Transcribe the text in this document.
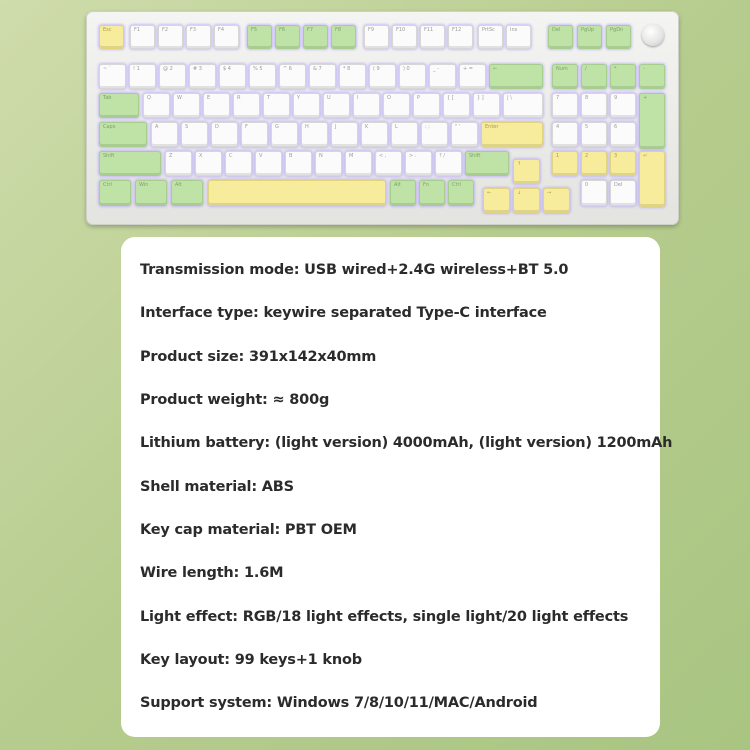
Esc	F1	F2	F3	F4	F5	F6	F7	F8	F9	F10	F11	F12	PrtSc	Ins	Del	PgUp	PgDn
~ `	! 1	@ 2	# 3	$ 4	% 5	^ 6	& 7	* 8	( 9	) 0	_ -	+ =	←	Num	/	*	-
Tab	Q	W	E	R	T	Y	U	I	O	P	{ [	} ]	| \	7	8	9	+
Caps	A	S	D	F	G	H	J	K	L	: ;	" '	Enter	4	5	6
Shift	Z	X	C	V	B	N	M	< ,	> .	? /	Shift
↑
1	2	3	↵
Ctrl	Win	Alt	Alt	Fn	Ctrl
←	↓	→
0	Del

Transmission mode: USB wired+2.4G wireless+BT 5.0

Interface type: keywire separated Type-C interface

Product size: 391x142x40mm

Product weight: ≈ 800g

Lithium battery: (light version) 4000mAh, (light version) 1200mAh

Shell material: ABS

Key cap material: PBT OEM

Wire length: 1.6M

Light effect: RGB/18 light effects, single light/20 light effects

Key layout: 99 keys+1 knob

Support system: Windows 7/8/10/11/MAC/Android
